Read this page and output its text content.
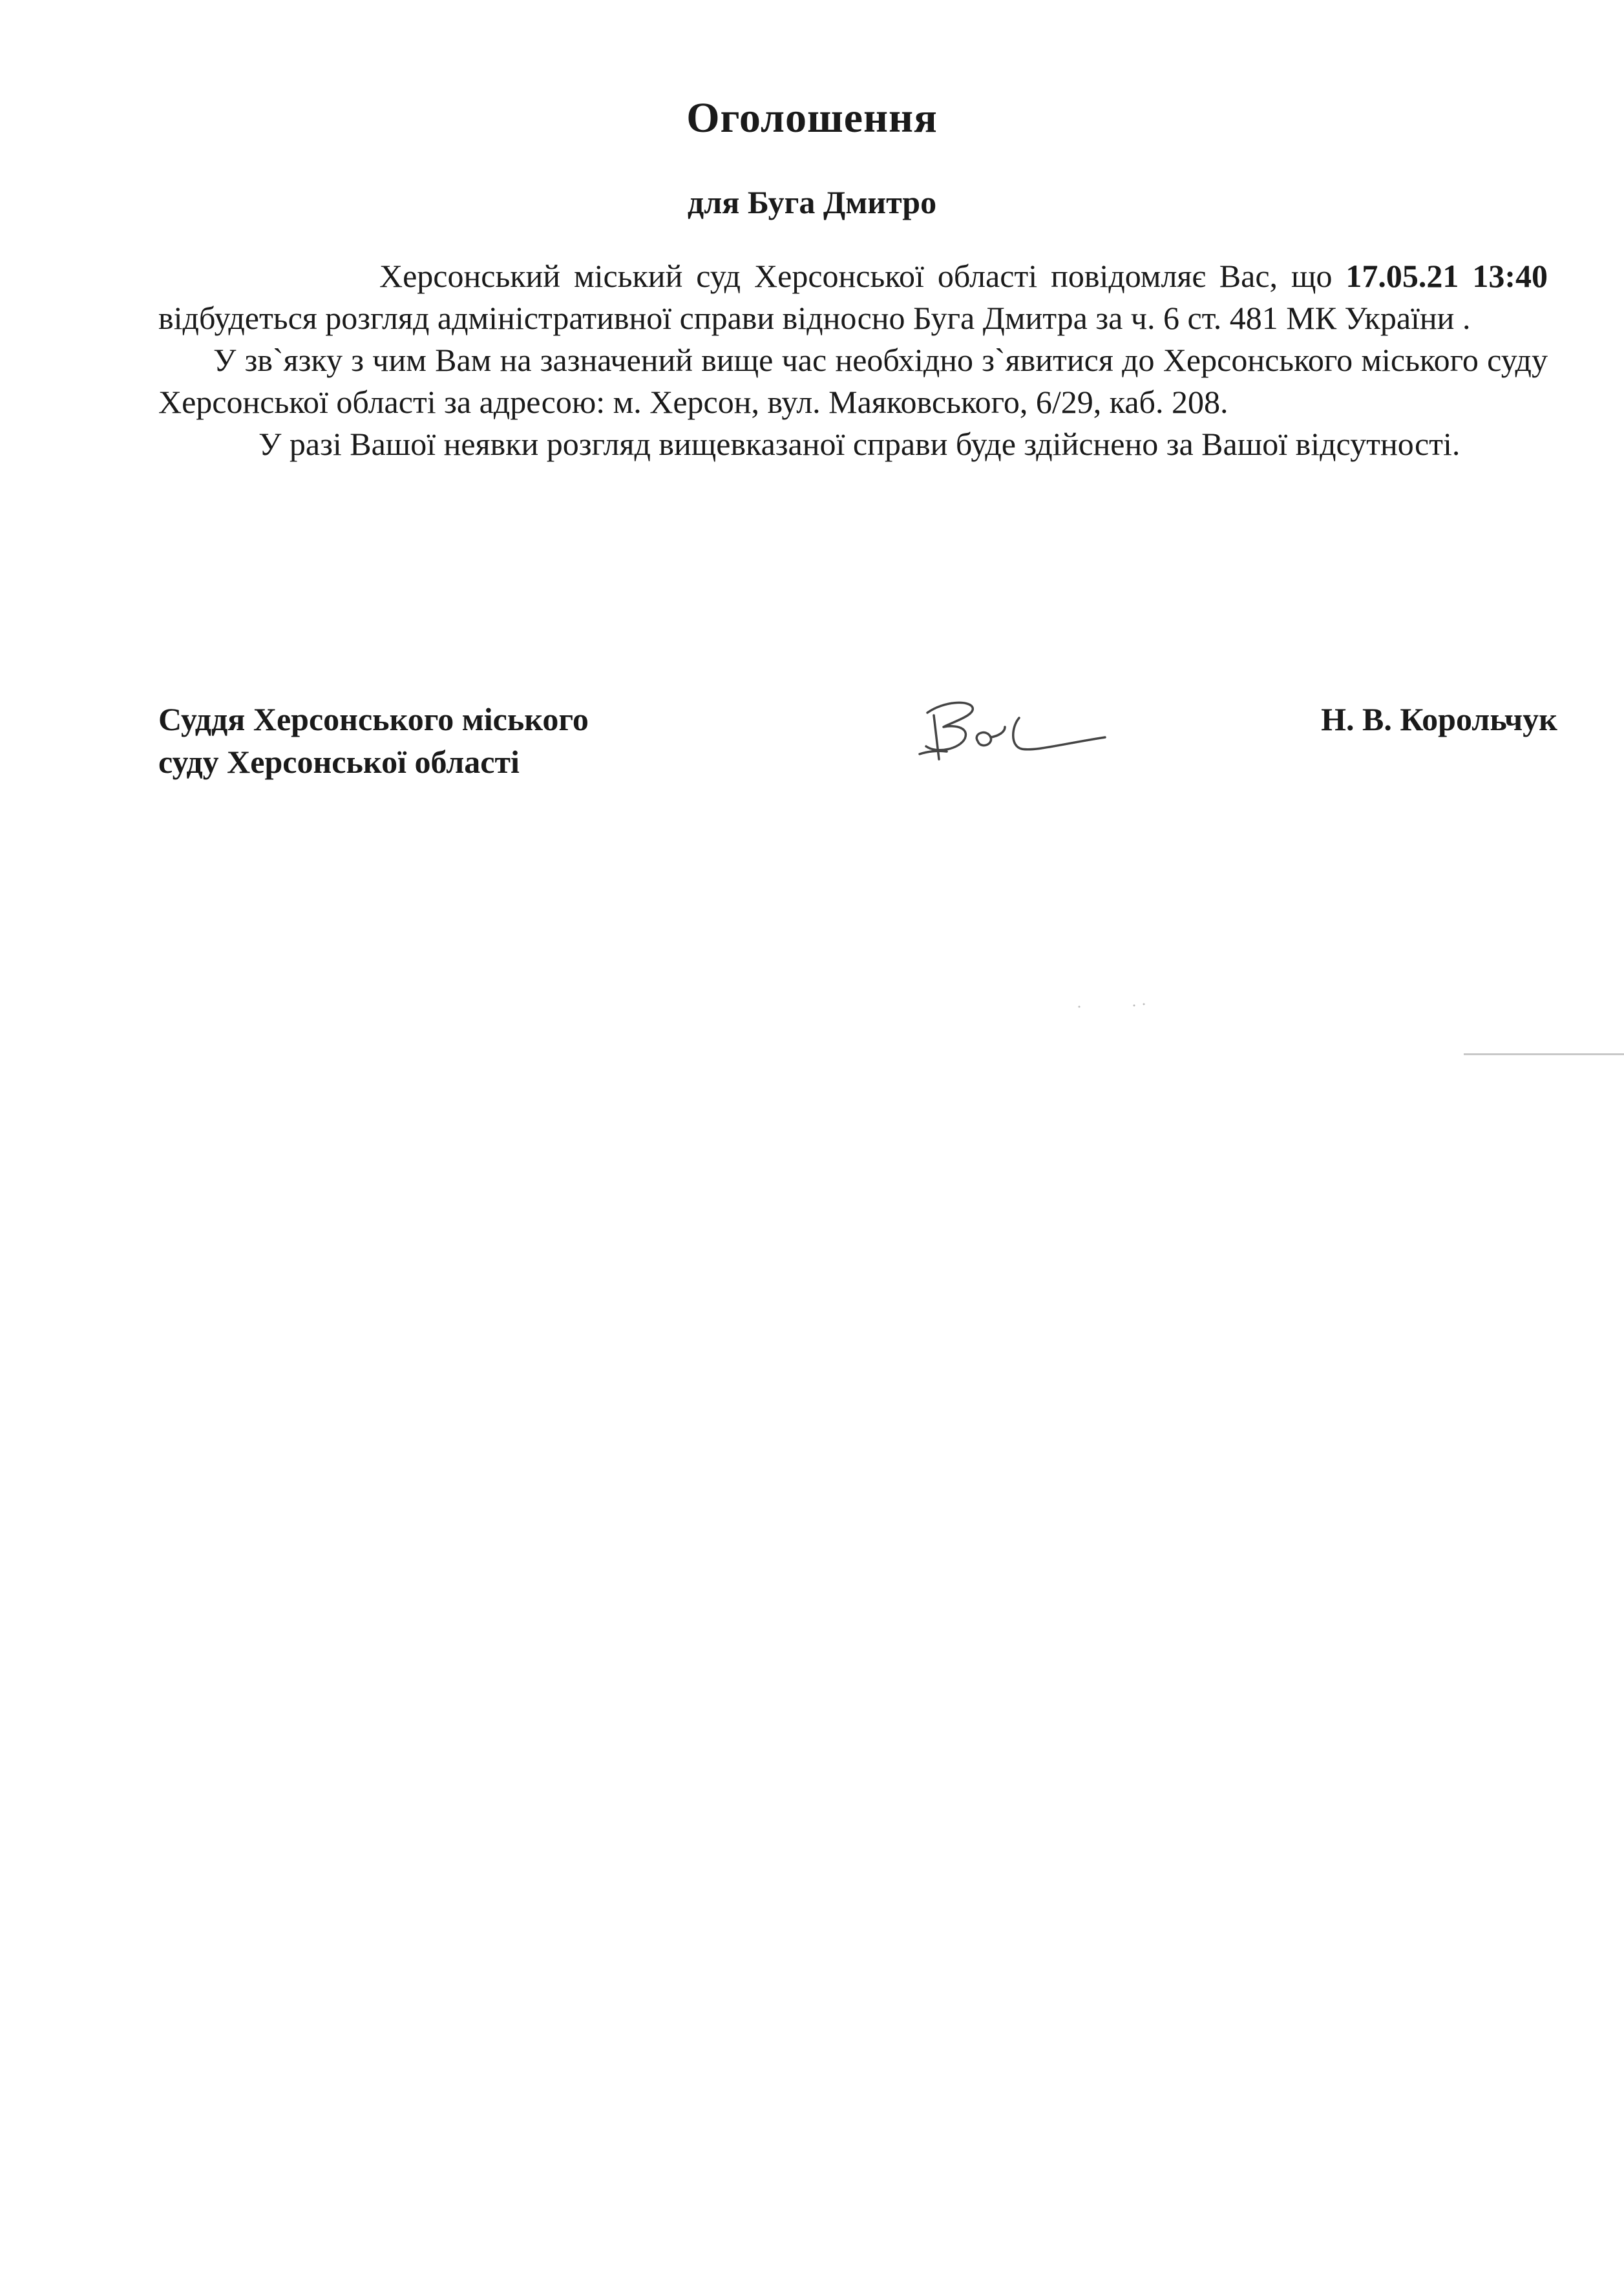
Оголошення
для Буга Дмитро

Херсонський міський суд Херсонської області повідомляє Вас, що 17.05.21 13:40 відбудеться розгляд адміністративної справи відносно Буга Дмитра за ч. 6 ст. 481 МК України .

У зв`язку з чим Вам на зазначений вище час необхідно з`явитися до Херсонського міського суду Херсонської області за адресою: м. Херсон, вул. Маяковського, 6/29, каб. 208.

У разі Вашої неявки розгляд вищевказаної справи буде здійснено за Вашої відсутності.

Суддя Херсонського міського
суду Херсонської області
Н. В. Корольчук
